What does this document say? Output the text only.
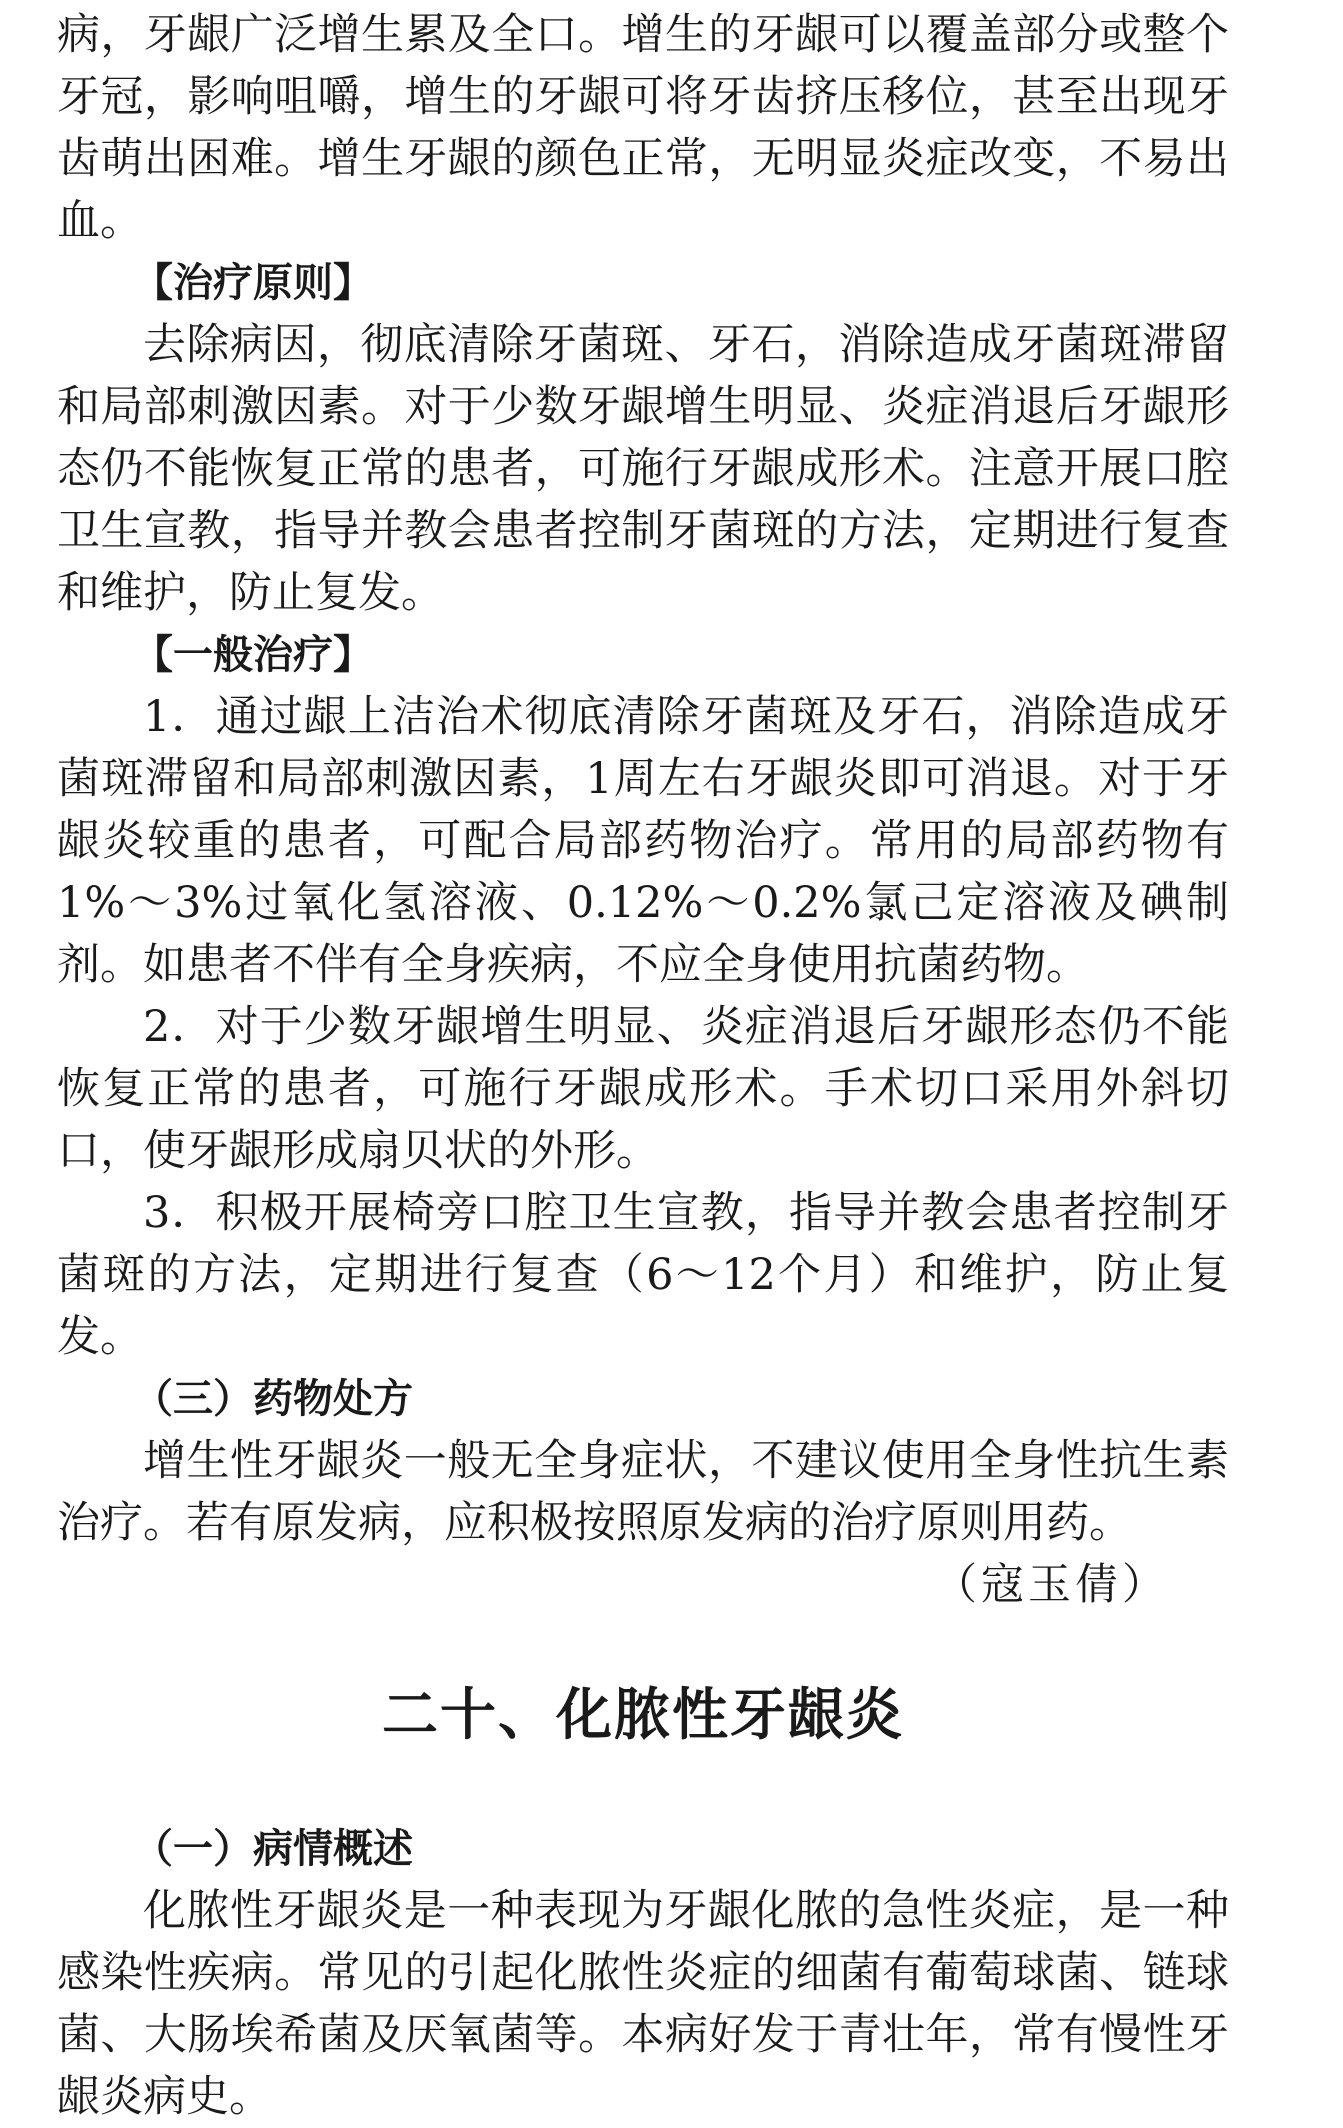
病，牙龈广泛增生累及全口。增生的牙龈可以覆盖部分或整个牙冠，影响咀嚼，增生的牙龈可将牙齿挤压移位，甚至出现牙齿萌出困难。增生牙龈的颜色正常，无明显炎症改变，不易出血。

【治疗原则】

去除病因，彻底清除牙菌斑、牙石，消除造成牙菌斑滞留和局部刺激因素。对于少数牙龈增生明显、炎症消退后牙龈形态仍不能恢复正常的患者，可施行牙龈成形术。注意开展口腔卫生宣教，指导并教会患者控制牙菌斑的方法，定期进行复查和维护，防止复发。

【一般治疗】

1．通过龈上洁治术彻底清除牙菌斑及牙石，消除造成牙菌斑滞留和局部刺激因素，1周左右牙龈炎即可消退。对于牙龈炎较重的患者，可配合局部药物治疗。常用的局部药物有1%～3%过氧化氢溶液、0.12%～0.2%氯己定溶液及碘制剂。如患者不伴有全身疾病，不应全身使用抗菌药物。

2．对于少数牙龈增生明显、炎症消退后牙龈形态仍不能恢复正常的患者，可施行牙龈成形术。手术切口采用外斜切口，使牙龈形成扇贝状的外形。

3．积极开展椅旁口腔卫生宣教，指导并教会患者控制牙菌斑的方法，定期进行复查（6～12个月）和维护，防止复发。

（三）药物处方

增生性牙龈炎一般无全身症状，不建议使用全身性抗生素治疗。若有原发病，应积极按照原发病的治疗原则用药。

（寇玉倩）

二十、化脓性牙龈炎

（一）病情概述

化脓性牙龈炎是一种表现为牙龈化脓的急性炎症，是一种感染性疾病。常见的引起化脓性炎症的细菌有葡萄球菌、链球菌、大肠埃希菌及厌氧菌等。本病好发于青壮年，常有慢性牙龈炎病史。
